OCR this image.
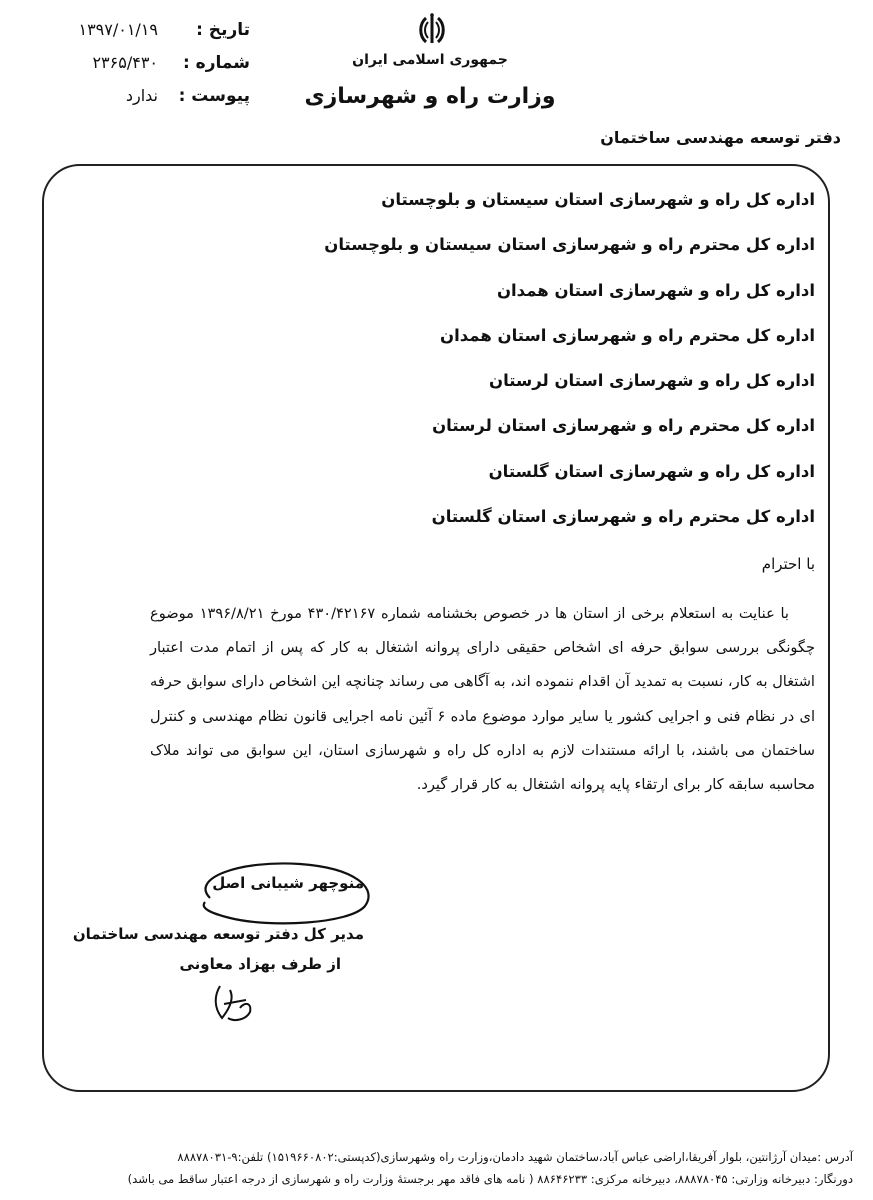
تاریخ :
۱۳۹۷/۰۱/۱۹
شماره :
۲۳۶۵/۴۳۰
پیوست :
ندارد
جمهوری اسلامی ایران
وزارت راه و شهرسازی
دفتر توسعه مهندسی ساختمان
اداره کل راه و شهرسازی استان سیستان و بلوچستان
اداره کل محترم راه و شهرسازی استان سیستان و بلوچستان
اداره کل راه و شهرسازی استان همدان
اداره کل محترم راه و شهرسازی استان همدان
اداره کل راه و شهرسازی استان لرستان
اداره کل محترم راه و شهرسازی استان لرستان
اداره کل راه و شهرسازی استان گلستان
اداره کل محترم راه و شهرسازی استان گلستان
با احترام

با عنایت به استعلام برخی از استان ها در خصوص بخشنامه شماره ۴۳۰/۴۲۱۶۷ مورخ ۱۳۹۶/۸/۲۱ موضوع چگونگی بررسی سوابق حرفه ای اشخاص حقیقی دارای پروانه اشتغال به کار که پس از اتمام مدت اعتبار اشتغال به کار، نسبت به تمدید آن اقدام ننموده اند، به آگاهی می رساند چنانچه این اشخاص دارای سوابق حرفه ای در نظام فنی و اجرایی کشور یا سایر موارد موضوع ماده ۶ آئین نامه اجرایی قانون نظام مهندسی و کنترل ساختمان می باشند، با ارائه مستندات لازم به اداره کل راه و شهرسازی استان، این سوابق می تواند ملاک محاسبه سابقه کار برای ارتقاء پایه پروانه اشتغال به کار قرار گیرد.

منوچهر شیبانی اصل
مدیر کل دفتر توسعه مهندسی ساختمان
از طرف بهزاد معاونی
آدرس :میدان آرژانتین، بلوار آفریقا،اراضی عباس آباد،ساختمان شهید دادمان،وزارت راه وشهرسازی(کدپستی:۱۵۱۹۶۶۰۸۰۲) تلفن:۹-۸۸۸۷۸۰۳۱
دورنگار: دبیرخانه وزارتی: ۸۸۸۷۸۰۴۵، دبیرخانه مرکزی: ۸۸۶۴۶۲۳۳ ( نامه های فاقد مهر برجستهٔ وزارت راه و شهرسازی از درجه اعتبار ساقط می باشد)
